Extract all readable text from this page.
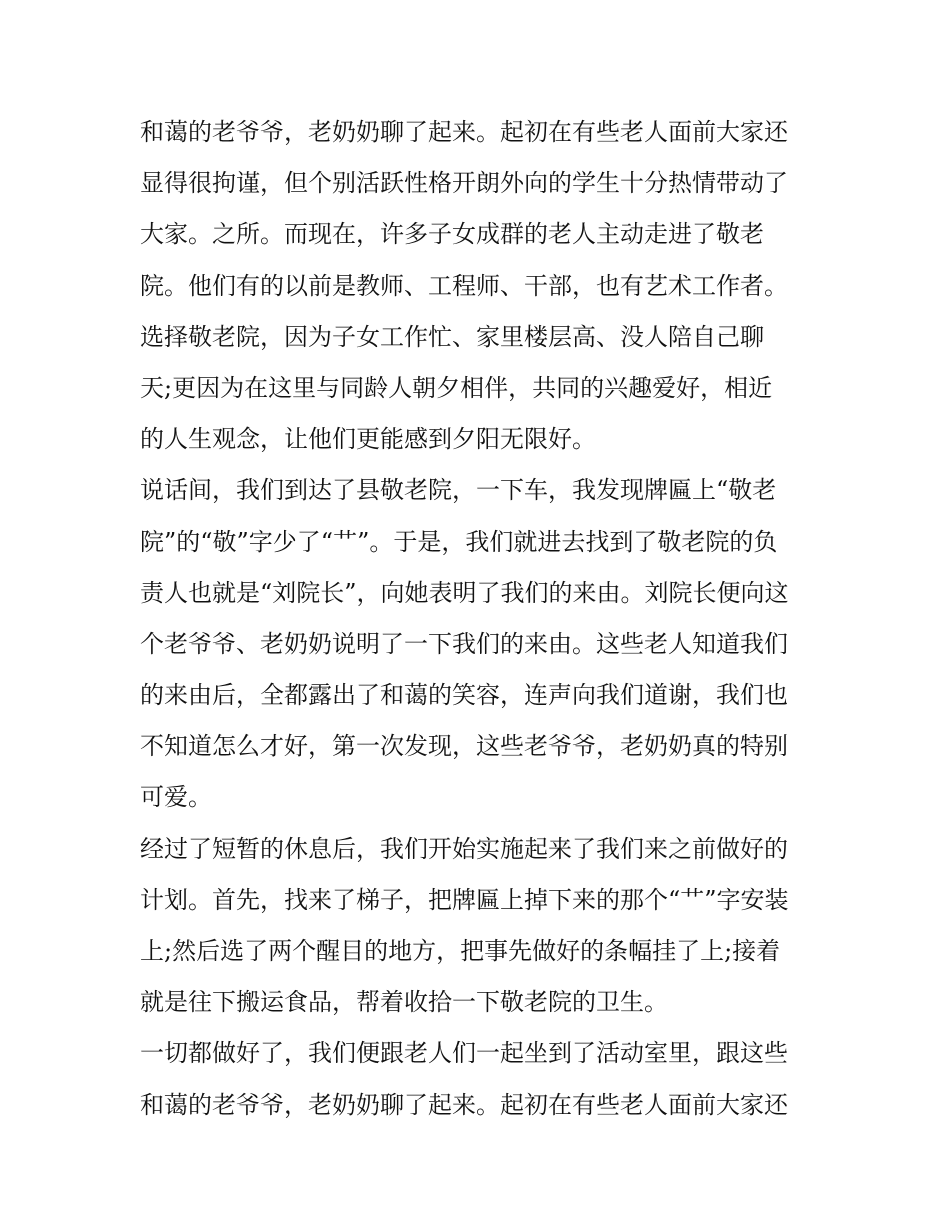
和蔼的老爷爷，老奶奶聊了起来。起初在有些老人面前大家还
显得很拘谨，但个别活跃性格开朗外向的学生十分热情带动了
大家。之所。而现在，许多子女成群的老人主动走进了敬老
院。他们有的以前是教师、工程师、干部，也有艺术工作者。
选择敬老院，因为子女工作忙、家里楼层高、没人陪自己聊
天;更因为在这里与同龄人朝夕相伴，共同的兴趣爱好，相近
的人生观念，让他们更能感到夕阳无限好。

说话间，我们到达了县敬老院，一下车，我发现牌匾上“敬老
院”的“敬”字少了“艹”。于是，我们就进去找到了敬老院的负
责人也就是“刘院长”，向她表明了我们的来由。刘院长便向这
个老爷爷、老奶奶说明了一下我们的来由。这些老人知道我们
的来由后，全都露出了和蔼的笑容，连声向我们道谢，我们也
不知道怎么才好，第一次发现，这些老爷爷，老奶奶真的特别
可爱。

经过了短暂的休息后，我们开始实施起来了我们来之前做好的
计划。首先，找来了梯子，把牌匾上掉下来的那个“艹”字安装
上;然后选了两个醒目的地方，把事先做好的条幅挂了上;接着
就是往下搬运食品，帮着收拾一下敬老院的卫生。

一切都做好了，我们便跟老人们一起坐到了活动室里，跟这些
和蔼的老爷爷，老奶奶聊了起来。起初在有些老人面前大家还
